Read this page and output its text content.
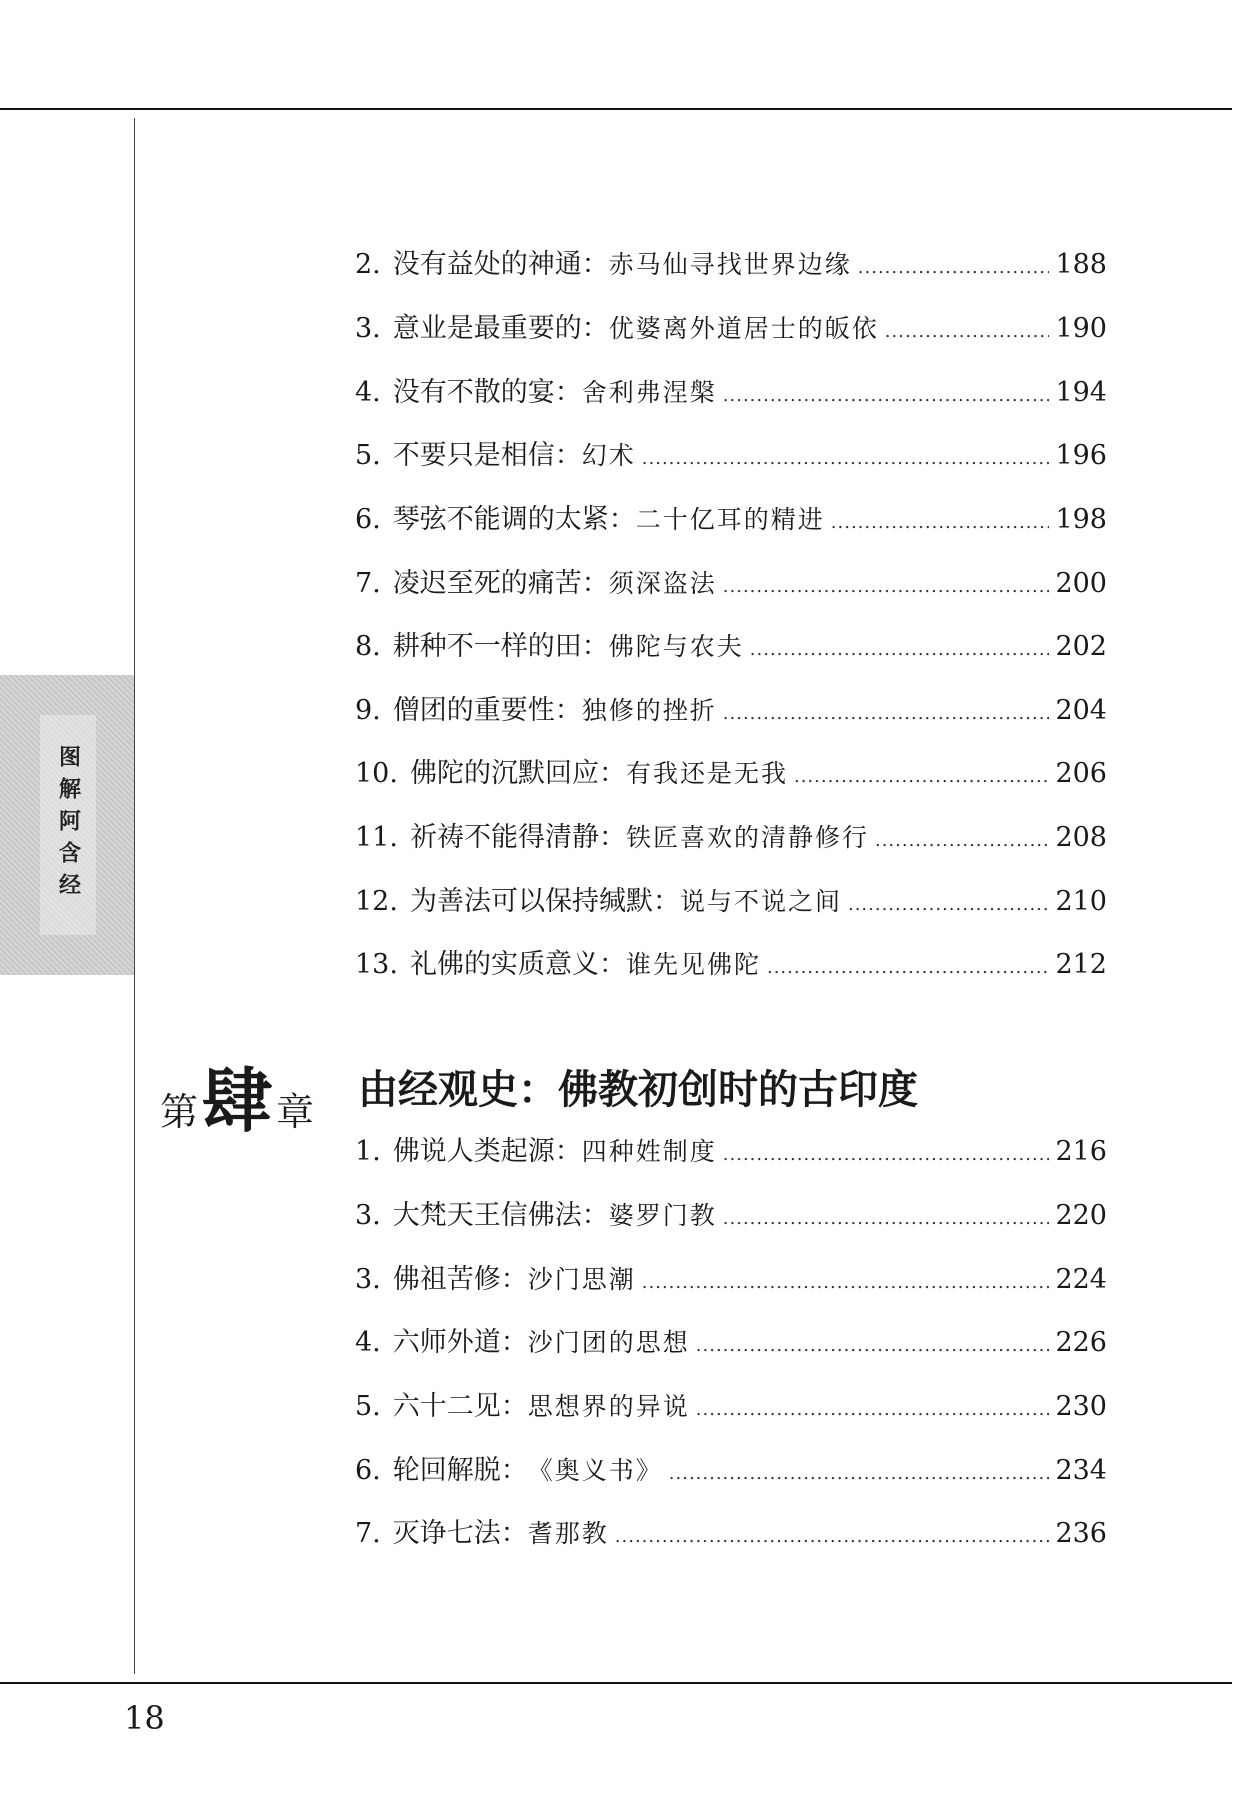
图解阿含经
2. 没有益处的神通： 赤马仙寻找世界边缘 .....	188
3. 意业是最重要的： 优婆离外道居士的皈依 .....	190
4. 没有不散的宴： 舍利弗涅槃 .....	194
5. 不要只是相信： 幻术 .....	196
6. 琴弦不能调的太紧： 二十亿耳的精进 .....	198
7. 凌迟至死的痛苦： 须深盗法 .....	200
8. 耕种不一样的田： 佛陀与农夫 .....	202
9. 僧团的重要性： 独修的挫折 .....	204
10. 佛陀的沉默回应： 有我还是无我 .....	206
11. 祈祷不能得清静： 铁匠喜欢的清静修行 .....	208
12. 为善法可以保持缄默： 说与不说之间 .....	210
13. 礼佛的实质意义： 谁先见佛陀 .....	212
第 肆 章 由经观史：佛教初创时的古印度
1. 佛说人类起源： 四种姓制度 .....	216
3. 大梵天王信佛法： 婆罗门教 .....	220
3. 佛祖苦修： 沙门思潮 .....	224
4. 六师外道： 沙门团的思想 .....	226
5. 六十二见： 思想界的异说 .....	230
6. 轮回解脱： 《奥义书》 .....	234
7. 灭诤七法： 耆那教 .....	236
18
